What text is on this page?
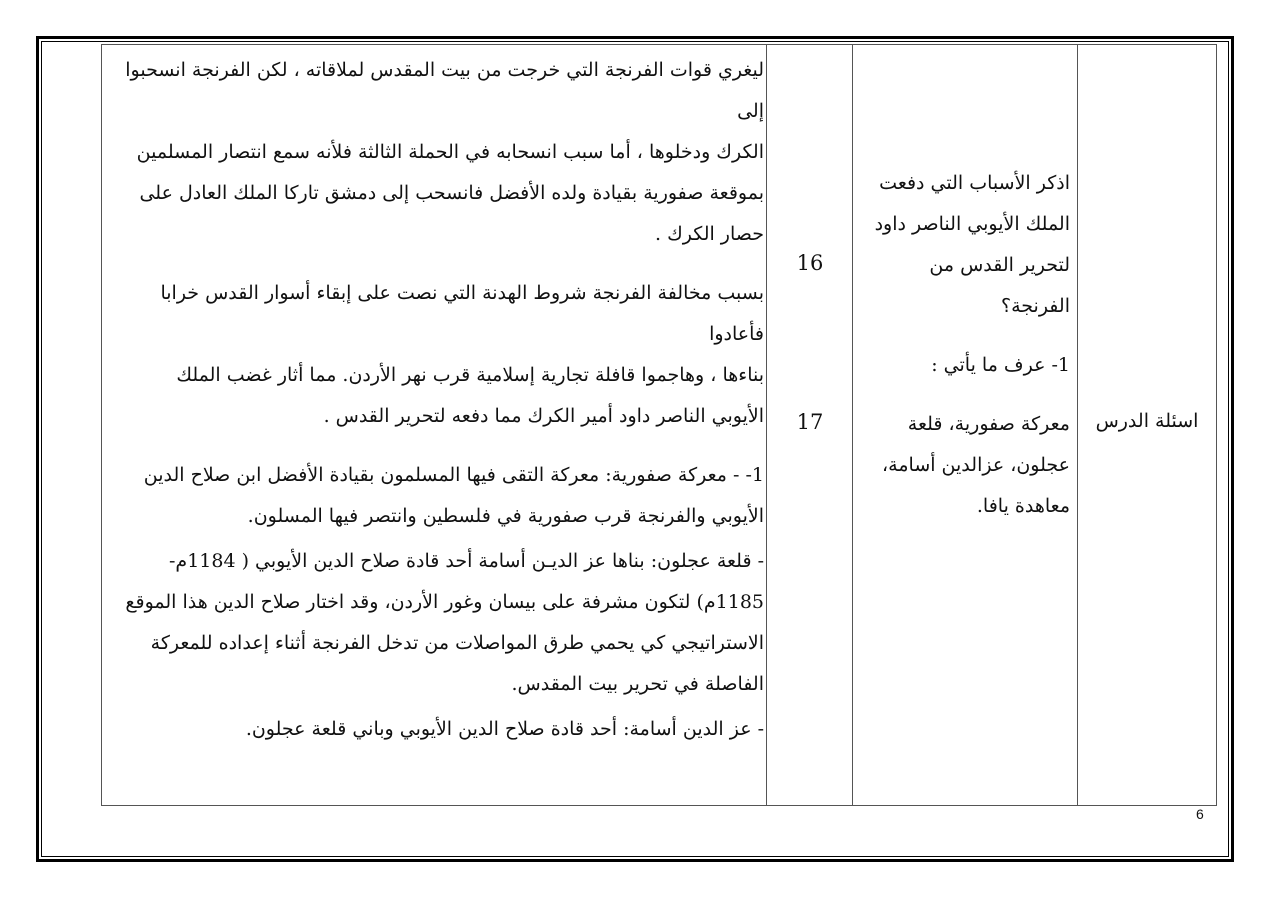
ليغري قوات الفرنجة التي خرجت من بيت المقدس لملاقاته ، لكن الفرنجة انسحبوا إلى

الكرك ودخلوها ، أما سبب انسحابه في الحملة الثالثة فلأنه سمع انتصار المسلمين

بموقعة صفورية بقيادة ولده الأفضل فانسحب إلى دمشق تاركا الملك العادل على

حصار الكرك .

بسبب مخالفة الفرنجة شروط الهدنة التي نصت على إبقاء أسوار القدس خرابا فأعادوا

بناءها ، وهاجموا قافلة تجارية إسلامية قرب نهر الأردن. مما أثار غضب الملك

الأيوبي الناصر داود أمير الكرك مما دفعه لتحرير القدس .

1- - معركة صفورية: معركة التقى فيها المسلمون بقيادة الأفضل ابن صلاح الدين

الأيوبي والفرنجة قرب صفورية في فلسطين وانتصر فيها المسلون.

- قلعة عجلون: بناها عز الديـن أسامة أحد قادة صلاح الدين الأيوبي ( 1184م-

1185م) لتكون مشرفة على بيسان وغور الأردن، وقد اختار صلاح الدين هذا الموقع

الاستراتيجي كي يحمي طرق المواصلات من تدخل الفرنجة أثناء إعداده للمعركة

الفاصلة في تحرير بيت المقدس.

- عز الدين أسامة: أحد قادة صلاح الدين الأيوبي وباني قلعة عجلون.

16
17

اذكر الأسباب التي دفعت

الملك الأيوبي الناصر داود

لتحرير القدس من الفرنجة؟

1- عرف ما يأتي :

معركة صفورية، قلعة

عجلون، عزالدين أسامة،

معاهدة يافا.

اسئلة الدرس
6
